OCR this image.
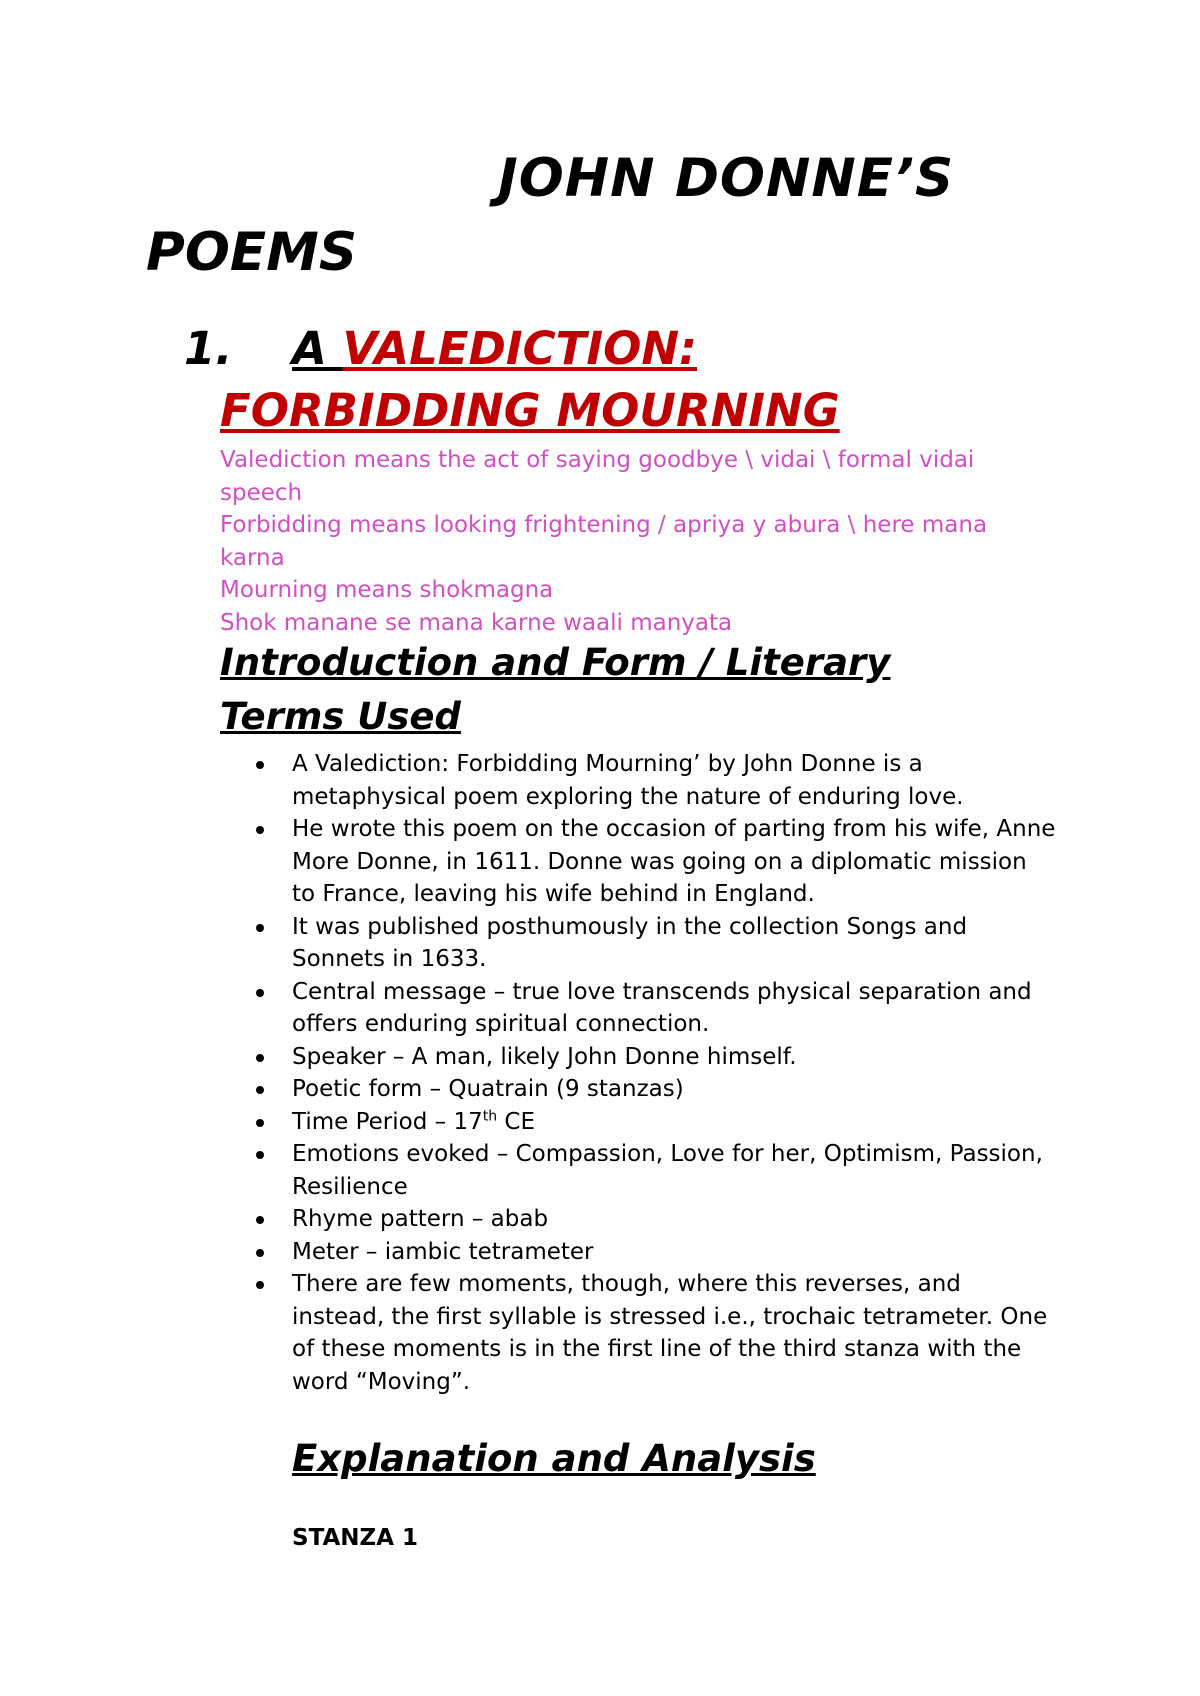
JOHN DONNE’S
POEMS
1. A VALEDICTION:
FORBIDDING MOURNING
Valediction means the act of saying goodbye \ vidai \ formal vidai speech
Forbidding means looking frightening / apriya y abura \ here mana karna
Mourning means shokmagna
Shok manane se mana karne waali manyata
Introduction and Form / Literary
Terms Used
A Valediction: Forbidding Mourning’ by John Donne is a metaphysical poem exploring the nature of enduring love.
He wrote this poem on the occasion of parting from his wife, Anne More Donne, in 1611. Donne was going on a diplomatic mission to France, leaving his wife behind in England.
It was published posthumously in the collection Songs and Sonnets in 1633.
Central message – true love transcends physical separation and offers enduring spiritual connection.
Speaker – A man, likely John Donne himself.
Poetic form – Quatrain (9 stanzas)
Time Period – 17th CE
Emotions evoked – Compassion, Love for her, Optimism, Passion, Resilience
Rhyme pattern – abab
Meter – iambic tetrameter
There are few moments, though, where this reverses, and instead, the first syllable is stressed i.e., trochaic tetrameter. One of these moments is in the first line of the third stanza with the word “Moving”.
Explanation and Analysis
STANZA 1
